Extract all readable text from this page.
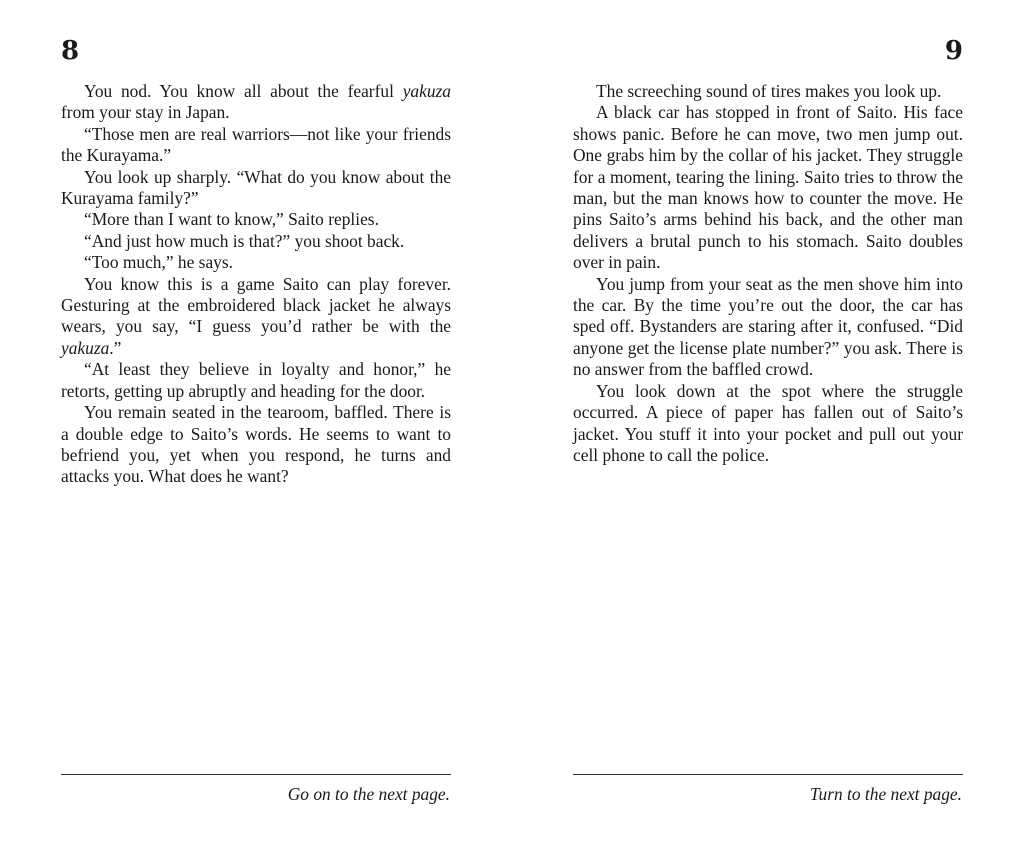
8

You nod. You know all about the fearful yakuza from your stay in Japan.

“Those men are real warriors—not like your friends the Kurayama.”

You look up sharply. “What do you know about the Kurayama family?”

“More than I want to know,” Saito replies.

“And just how much is that?” you shoot back.

“Too much,” he says.

You know this is a game Saito can play forever. Gesturing at the embroidered black jacket he always wears, you say, “I guess you’d rather be with the yakuza.”

“At least they believe in loyalty and honor,” he retorts, getting up abruptly and heading for the door.

You remain seated in the tearoom, baffled. There is a double edge to Saito’s words. He seems to want to befriend you, yet when you respond, he turns and attacks you. What does he want?

Go on to the next page.
9

The screeching sound of tires makes you look up.

A black car has stopped in front of Saito. His face shows panic. Before he can move, two men jump out. One grabs him by the collar of his jacket. They struggle for a moment, tearing the lining. Saito tries to throw the man, but the man knows how to counter the move. He pins Saito’s arms behind his back, and the other man delivers a brutal punch to his stomach. Saito doubles over in pain.

You jump from your seat as the men shove him into the car. By the time you’re out the door, the car has sped off. Bystanders are staring after it, confused. “Did anyone get the license plate number?” you ask. There is no answer from the baffled crowd.

You look down at the spot where the struggle occurred. A piece of paper has fallen out of Saito’s jacket. You stuff it into your pocket and pull out your cell phone to call the police.

Turn to the next page.
